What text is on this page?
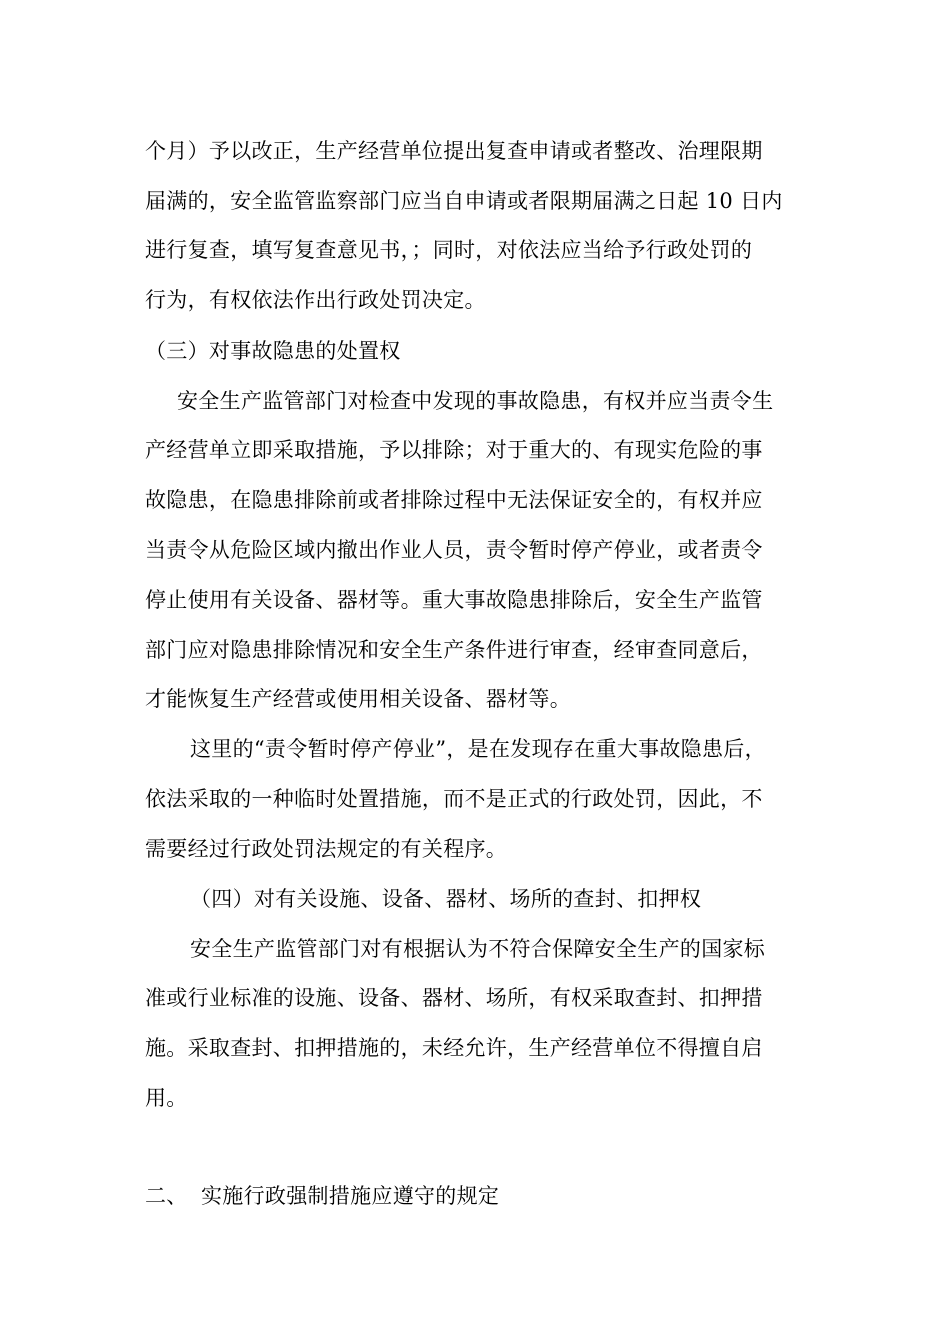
个月）予以改正，生产经营单位提出复查申请或者整改、治理限期
届满的，安全监管监察部门应当自申请或者限期届满之日起 10 日内
进行复查，填写复查意见书，；同时，对依法应当给予行政处罚的
行为，有权依法作出行政处罚决定。
（三）对事故隐患的处置权
安全生产监管部门对检查中发现的事故隐患，有权并应当责令生
产经营单立即采取措施，予以排除；对于重大的、有现实危险的事
故隐患，在隐患排除前或者排除过程中无法保证安全的，有权并应
当责令从危险区域内撤出作业人员，责令暂时停产停业，或者责令
停止使用有关设备、器材等。重大事故隐患排除后，安全生产监管
部门应对隐患排除情况和安全生产条件进行审查，经审查同意后，
才能恢复生产经营或使用相关设备、器材等。
这里的“责令暂时停产停业”，是在发现存在重大事故隐患后，
依法采取的一种临时处置措施，而不是正式的行政处罚，因此，不
需要经过行政处罚法规定的有关程序。
（四）对有关设施、设备、器材、场所的查封、扣押权
安全生产监管部门对有根据认为不符合保障安全生产的国家标
准或行业标准的设施、设备、器材、场所，有权采取查封、扣押措
施。采取查封、扣押措施的，未经允许，生产经营单位不得擅自启
用。
二、 实施行政强制措施应遵守的规定
